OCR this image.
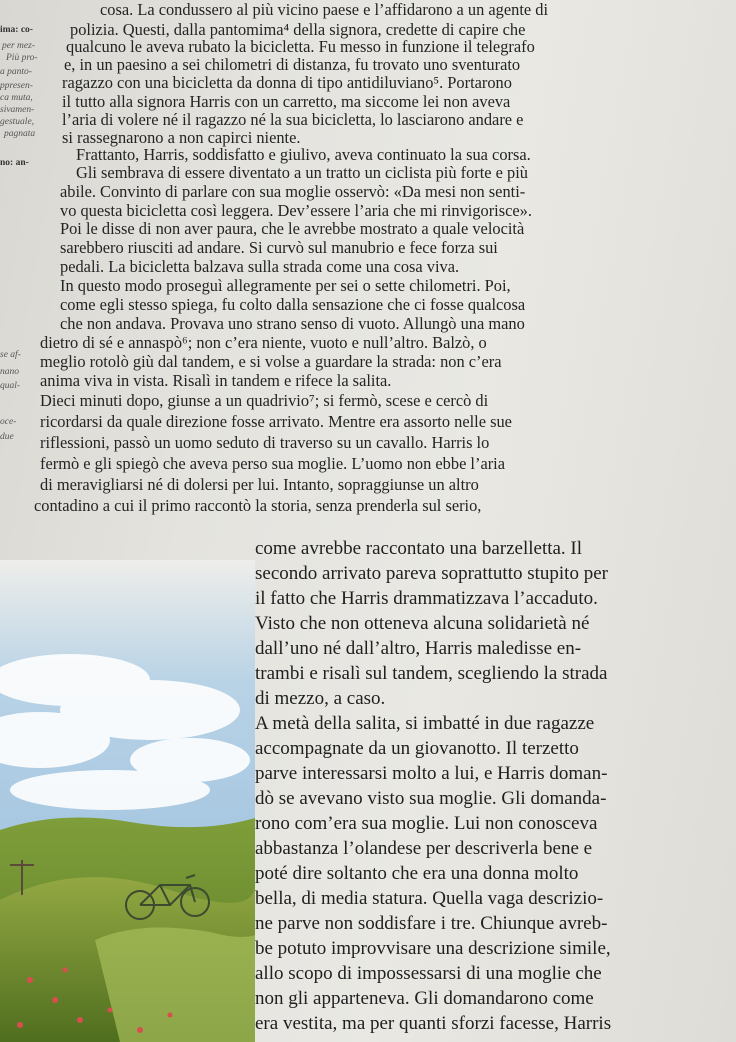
ima: co-
per mez-
Più pro-
a panto-
ppresen-
ca muta,
sivamen-
gestuale,
pagnata
no: an-
se af-
nano
qual-
oce-
due
cosa. La condussero al più vicino paese e l’affidarono a un agente di
polizia. Questi, dalla pantomima⁴ della signora, credette di capire che
qualcuno le aveva rubato la bicicletta. Fu messo in funzione il telegrafo
e, in un paesino a sei chilometri di distanza, fu trovato uno sventurato
ragazzo con una bicicletta da donna di tipo antidiluviano⁵. Portarono
il tutto alla signora Harris con un carretto, ma siccome lei non aveva
l’aria di volere né il ragazzo né la sua bicicletta, lo lasciarono andare e
si rassegnarono a non capirci niente.
Frattanto, Harris, soddisfatto e giulivo, aveva continuato la sua corsa.
Gli sembrava di essere diventato a un tratto un ciclista più forte e più
abile. Convinto di parlare con sua moglie osservò: «Da mesi non senti-
vo questa bicicletta così leggera. Dev’essere l’aria che mi rinvigorisce».
Poi le disse di non aver paura, che le avrebbe mostrato a quale velocità
sarebbero riusciti ad andare. Si curvò sul manubrio e fece forza sui
pedali. La bicicletta balzava sulla strada come una cosa viva.
In questo modo proseguì allegramente per sei o sette chilometri. Poi,
come egli stesso spiega, fu colto dalla sensazione che ci fosse qualcosa
che non andava. Provava uno strano senso di vuoto. Allungò una mano
dietro di sé e annaspò⁶; non c’era niente, vuoto e null’altro. Balzò, o
meglio rotolò giù dal tandem, e si volse a guardare la strada: non c’era
anima viva in vista. Risalì in tandem e rifece la salita.
Dieci minuti dopo, giunse a un quadrivio⁷; si fermò, scese e cercò di
ricordarsi da quale direzione fosse arrivato. Mentre era assorto nelle sue
riflessioni, passò un uomo seduto di traverso su un cavallo. Harris lo
fermò e gli spiegò che aveva perso sua moglie. L’uomo non ebbe l’aria
di meravigliarsi né di dolersi per lui. Intanto, sopraggiunse un altro
contadino a cui il primo raccontò la storia, senza prenderla sul serio,
come avrebbe raccontato una barzelletta. Il
secondo arrivato pareva soprattutto stupito per
il fatto che Harris drammatizzava l’accaduto.
Visto che non otteneva alcuna solidarietà né
dall’uno né dall’altro, Harris maledisse en-
trambi e risalì sul tandem, scegliendo la strada
di mezzo, a caso.
A metà della salita, si imbatté in due ragazze
accompagnate da un giovanotto. Il terzetto
parve interessarsi molto a lui, e Harris doman-
dò se avevano visto sua moglie. Gli domanda-
rono com’era sua moglie. Lui non conosceva
abbastanza l’olandese per descriverla bene e
poté dire soltanto che era una donna molto
bella, di media statura. Quella vaga descrizio-
ne parve non soddisfare i tre. Chiunque avreb-
be potuto improvvisare una descrizione simile,
allo scopo di impossessarsi di una moglie che
non gli apparteneva. Gli domandarono come
era vestita, ma per quanti sforzi facesse, Harris
